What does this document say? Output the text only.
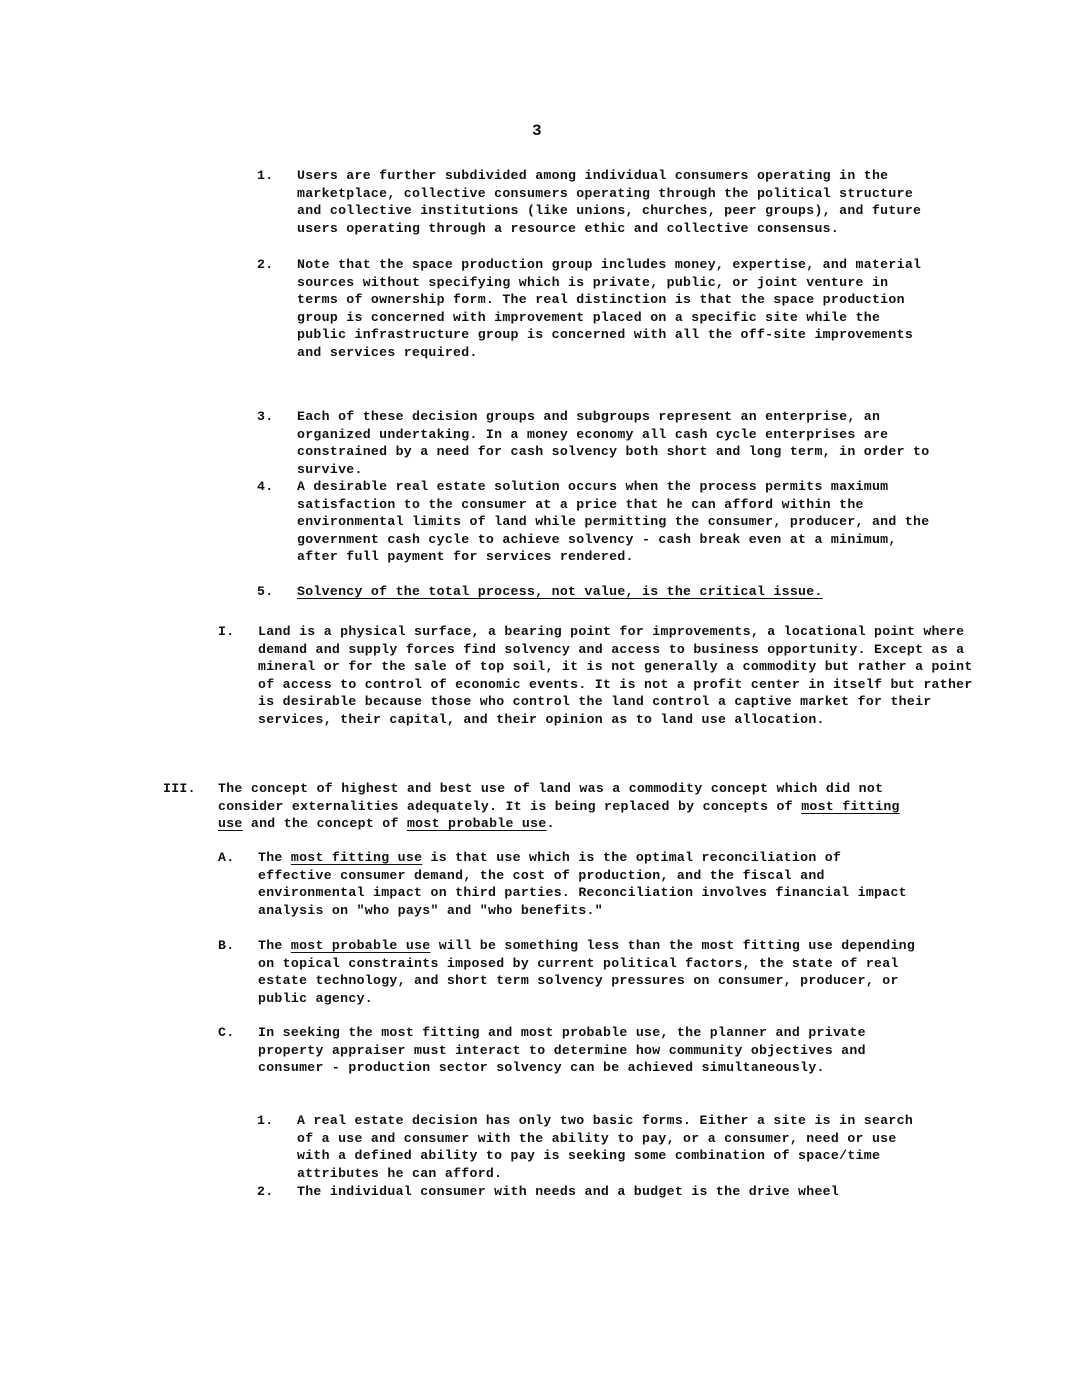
3
1. Users are further subdivided among individual consumers operating in the marketplace, collective consumers operating through the political structure and collective institutions (like unions, churches, peer groups), and future users operating through a resource ethic and collective consensus.
2. Note that the space production group includes money, expertise, and material sources without specifying which is private, public, or joint venture in terms of ownership form. The real distinction is that the space production group is concerned with improvement placed on a specific site while the public infrastructure group is concerned with all the off-site improvements and services required.
3. Each of these decision groups and subgroups represent an enterprise, an organized undertaking. In a money economy all cash cycle enterprises are constrained by a need for cash solvency both short and long term, in order to survive.
4. A desirable real estate solution occurs when the process permits maximum satisfaction to the consumer at a price that he can afford within the environmental limits of land while permitting the consumer, producer, and the government cash cycle to achieve solvency - cash break even at a minimum, after full payment for services rendered.
5. Solvency of the total process, not value, is the critical issue.
I. Land is a physical surface, a bearing point for improvements, a locational point where demand and supply forces find solvency and access to business opportunity. Except as a mineral or for the sale of top soil, it is not generally a commodity but rather a point of access to control of economic events. It is not a profit center in itself but rather is desirable because those who control the land control a captive market for their services, their capital, and their opinion as to land use allocation.
III. The concept of highest and best use of land was a commodity concept which did not consider externalities adequately. It is being replaced by concepts of most fitting use and the concept of most probable use.
A. The most fitting use is that use which is the optimal reconciliation of effective consumer demand, the cost of production, and the fiscal and environmental impact on third parties. Reconciliation involves financial impact analysis on "who pays" and "who benefits."
B. The most probable use will be something less than the most fitting use depending on topical constraints imposed by current political factors, the state of real estate technology, and short term solvency pressures on consumer, producer, or public agency.
C. In seeking the most fitting and most probable use, the planner and private property appraiser must interact to determine how community objectives and consumer - production sector solvency can be achieved simultaneously.
1. A real estate decision has only two basic forms. Either a site is in search of a use and consumer with the ability to pay, or a consumer, need or use with a defined ability to pay is seeking some combination of space/time attributes he can afford.
2. The individual consumer with needs and a budget is the drive wheel
